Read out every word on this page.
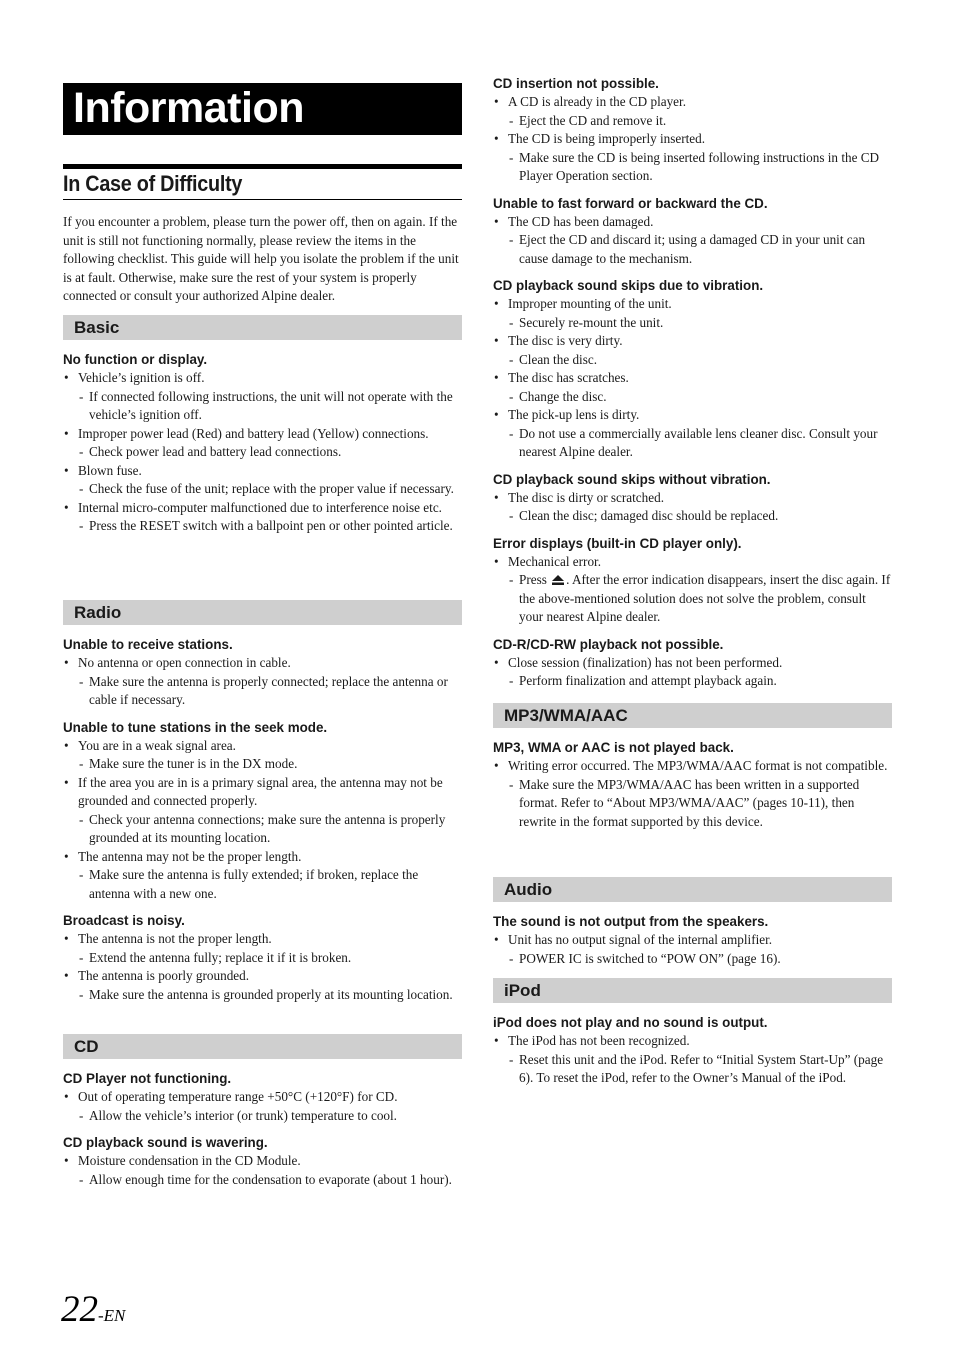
Information
In Case of Difficulty

If you encounter a problem, please turn the power off, then on again. If the unit is still not functioning normally, please review the items in the following checklist. This guide will help you isolate the problem if the unit is at fault. Otherwise, make sure the rest of your system is properly connected or consult your authorized Alpine dealer.

Basic

No function or display.

• Vehicle’s ignition is off.

- If connected following instructions, the unit will not operate with the vehicle’s ignition off.

• Improper power lead (Red) and battery lead (Yellow) connections.

- Check power lead and battery lead connections.

• Blown fuse.

- Check the fuse of the unit; replace with the proper value if necessary.

• Internal micro-computer malfunctioned due to interference noise etc.

- Press the RESET switch with a ballpoint pen or other pointed article.

Radio

Unable to receive stations.

• No antenna or open connection in cable.

- Make sure the antenna is properly connected; replace the antenna or cable if necessary.

Unable to tune stations in the seek mode.

• You are in a weak signal area.

- Make sure the tuner is in the DX mode.

• If the area you are in is a primary signal area, the antenna may not be grounded and connected properly.

- Check your antenna connections; make sure the antenna is properly grounded at its mounting location.

• The antenna may not be the proper length.

- Make sure the antenna is fully extended; if broken, replace the antenna with a new one.

Broadcast is noisy.

• The antenna is not the proper length.

- Extend the antenna fully; replace it if it is broken.

• The antenna is poorly grounded.

- Make sure the antenna is grounded properly at its mounting location.

CD

CD Player not functioning.

• Out of operating temperature range +50°C (+120°F) for CD.

- Allow the vehicle’s interior (or trunk) temperature to cool.

CD playback sound is wavering.

• Moisture condensation in the CD Module.

- Allow enough time for the condensation to evaporate (about 1 hour).

CD insertion not possible.

• A CD is already in the CD player.

- Eject the CD and remove it.

• The CD is being improperly inserted.

- Make sure the CD is being inserted following instructions in the CD Player Operation section.

Unable to fast forward or backward the CD.

• The CD has been damaged.

- Eject the CD and discard it; using a damaged CD in your unit can cause damage to the mechanism.

CD playback sound skips due to vibration.

• Improper mounting of the unit.

- Securely re-mount the unit.

• The disc is very dirty.

- Clean the disc.

• The disc has scratches.

- Change the disc.

• The pick-up lens is dirty.

- Do not use a commercially available lens cleaner disc. Consult your nearest Alpine dealer.

CD playback sound skips without vibration.

• The disc is dirty or scratched.

- Clean the disc; damaged disc should be replaced.

Error displays (built-in CD player only).

• Mechanical error.

- Press . After the error indication disappears, insert the disc again. If the above-mentioned solution does not solve the problem, consult your nearest Alpine dealer.

CD-R/CD-RW playback not possible.

• Close session (finalization) has not been performed.

- Perform finalization and attempt playback again.

MP3/WMA/AAC

MP3, WMA or AAC is not played back.

• Writing error occurred. The MP3/WMA/AAC format is not compatible.

- Make sure the MP3/WMA/AAC has been written in a supported format. Refer to “About MP3/WMA/AAC” (pages 10-11), then rewrite in the format supported by this device.

Audio

The sound is not output from the speakers.

• Unit has no output signal of the internal amplifier.

- POWER IC is switched to “POW ON” (page 16).

iPod

iPod does not play and no sound is output.

• The iPod has not been recognized.

- Reset this unit and the iPod. Refer to “Initial System Start-Up” (page 6). To reset the iPod, refer to the Owner’s Manual of the iPod.

22-EN
